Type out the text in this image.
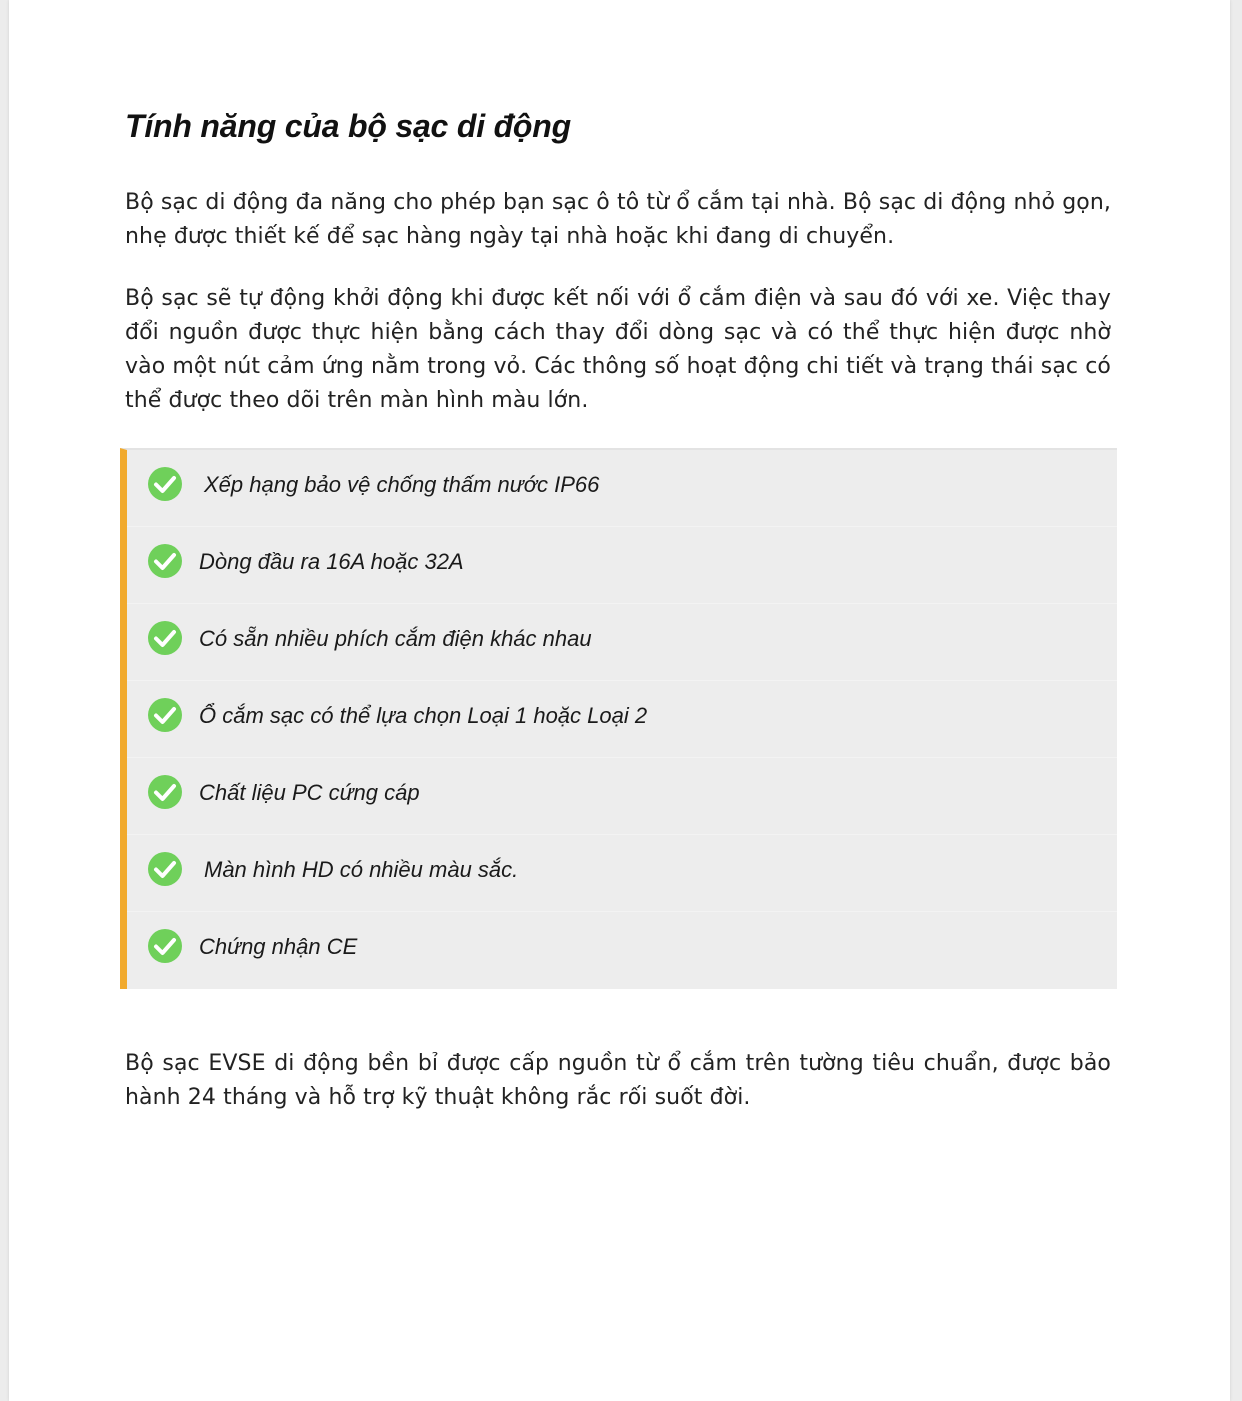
Tính năng của bộ sạc di động

Bộ sạc di động đa năng cho phép bạn sạc ô tô từ ổ cắm tại nhà. Bộ sạc di động nhỏ gọn, nhẹ được thiết kế để sạc hàng ngày tại nhà hoặc khi đang di chuyển.

Bộ sạc sẽ tự động khởi động khi được kết nối với ổ cắm điện và sau đó với xe. Việc thay đổi nguồn được thực hiện bằng cách thay đổi dòng sạc và có thể thực hiện được nhờ vào một nút cảm ứng nằm trong vỏ. Các thông số hoạt động chi tiết và trạng thái sạc có thể được theo dõi trên màn hình màu lớn.

Xếp hạng bảo vệ chống thấm nước IP66
Dòng đầu ra 16A hoặc 32A
Có sẵn nhiều phích cắm điện khác nhau
Ổ cắm sạc có thể lựa chọn Loại 1 hoặc Loại 2
Chất liệu PC cứng cáp
Màn hình HD có nhiều màu sắc.
Chứng nhận CE

Bộ sạc EVSE di động bền bỉ được cấp nguồn từ ổ cắm trên tường tiêu chuẩn, được bảo hành 24 tháng và hỗ trợ kỹ thuật không rắc rối suốt đời.
